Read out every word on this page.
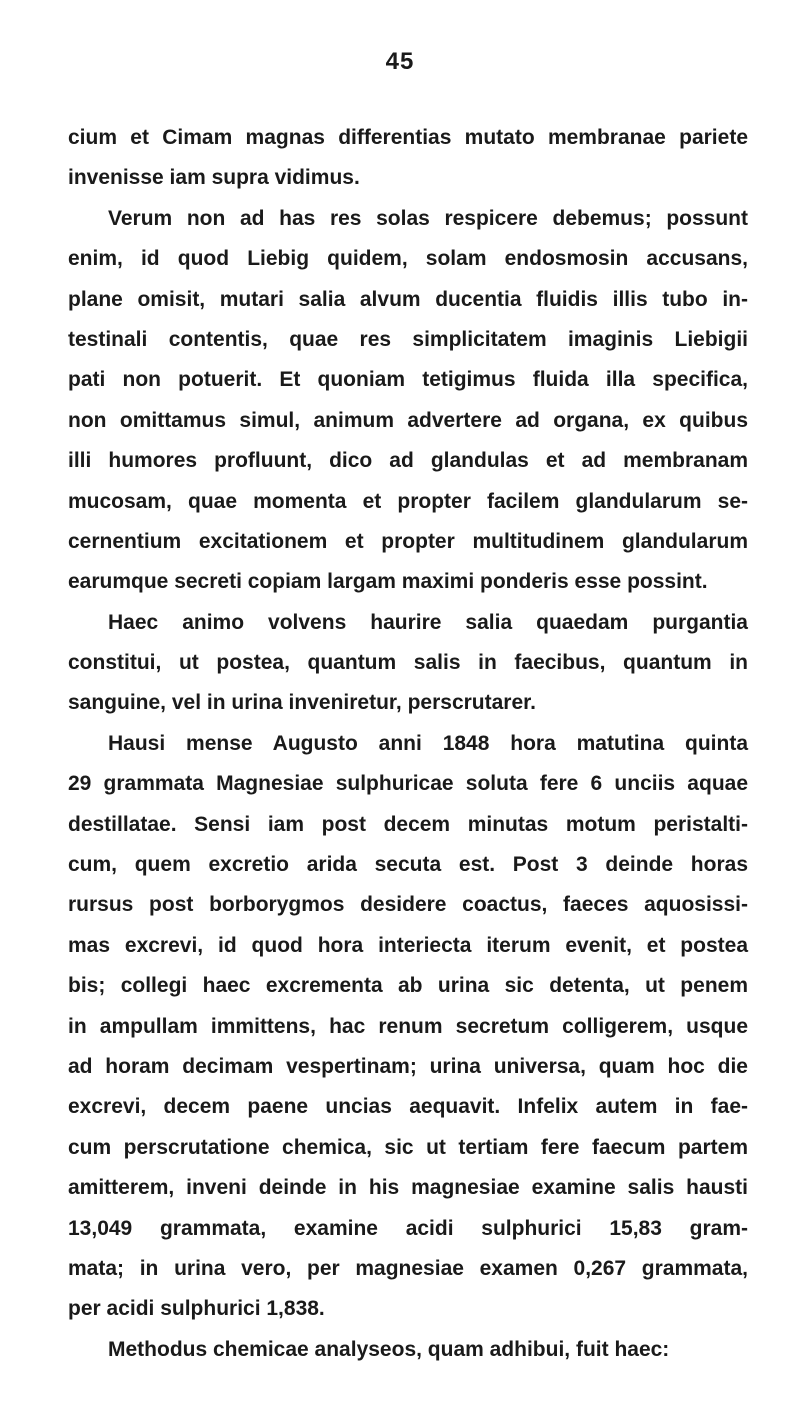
45
cium et Cimam magnas differentias mutato membranae pariete
invenisse iam supra vidimus.
Verum non ad has res solas respicere debemus; possunt
enim, id quod Liebig quidem, solam endosmosin accusans,
plane omisit, mutari salia alvum ducentia fluidis illis tubo in-
testinali contentis, quae res simplicitatem imaginis Liebigii
pati non potuerit. Et quoniam tetigimus fluida illa specifica,
non omittamus simul, animum advertere ad organa, ex quibus
illi humores profluunt, dico ad glandulas et ad membranam
mucosam, quae momenta et propter facilem glandularum se-
cernentium excitationem et propter multitudinem glandularum
earumque secreti copiam largam maximi ponderis esse possint.
Haec animo volvens haurire salia quaedam purgantia
constitui, ut postea, quantum salis in faecibus, quantum in
sanguine, vel in urina inveniretur, perscrutarer.
Hausi mense Augusto anni 1848 hora matutina quinta
29 grammata Magnesiae sulphuricae soluta fere 6 unciis aquae
destillatae. Sensi iam post decem minutas motum peristalti-
cum, quem excretio arida secuta est. Post 3 deinde horas
rursus post borborygmos desidere coactus, faeces aquosissi-
mas excrevi, id quod hora interiecta iterum evenit, et postea
bis; collegi haec excrementa ab urina sic detenta, ut penem
in ampullam immittens, hac renum secretum colligerem, usque
ad horam decimam vespertinam; urina universa, quam hoc die
excrevi, decem paene uncias aequavit. Infelix autem in fae-
cum perscrutatione chemica, sic ut tertiam fere faecum partem
amitterem, inveni deinde in his magnesiae examine salis hausti
13,049 grammata, examine acidi sulphurici 15,83 gram-
mata; in urina vero, per magnesiae examen 0,267 grammata,
per acidi sulphurici 1,838.
Methodus chemicae analyseos, quam adhibui, fuit haec:
